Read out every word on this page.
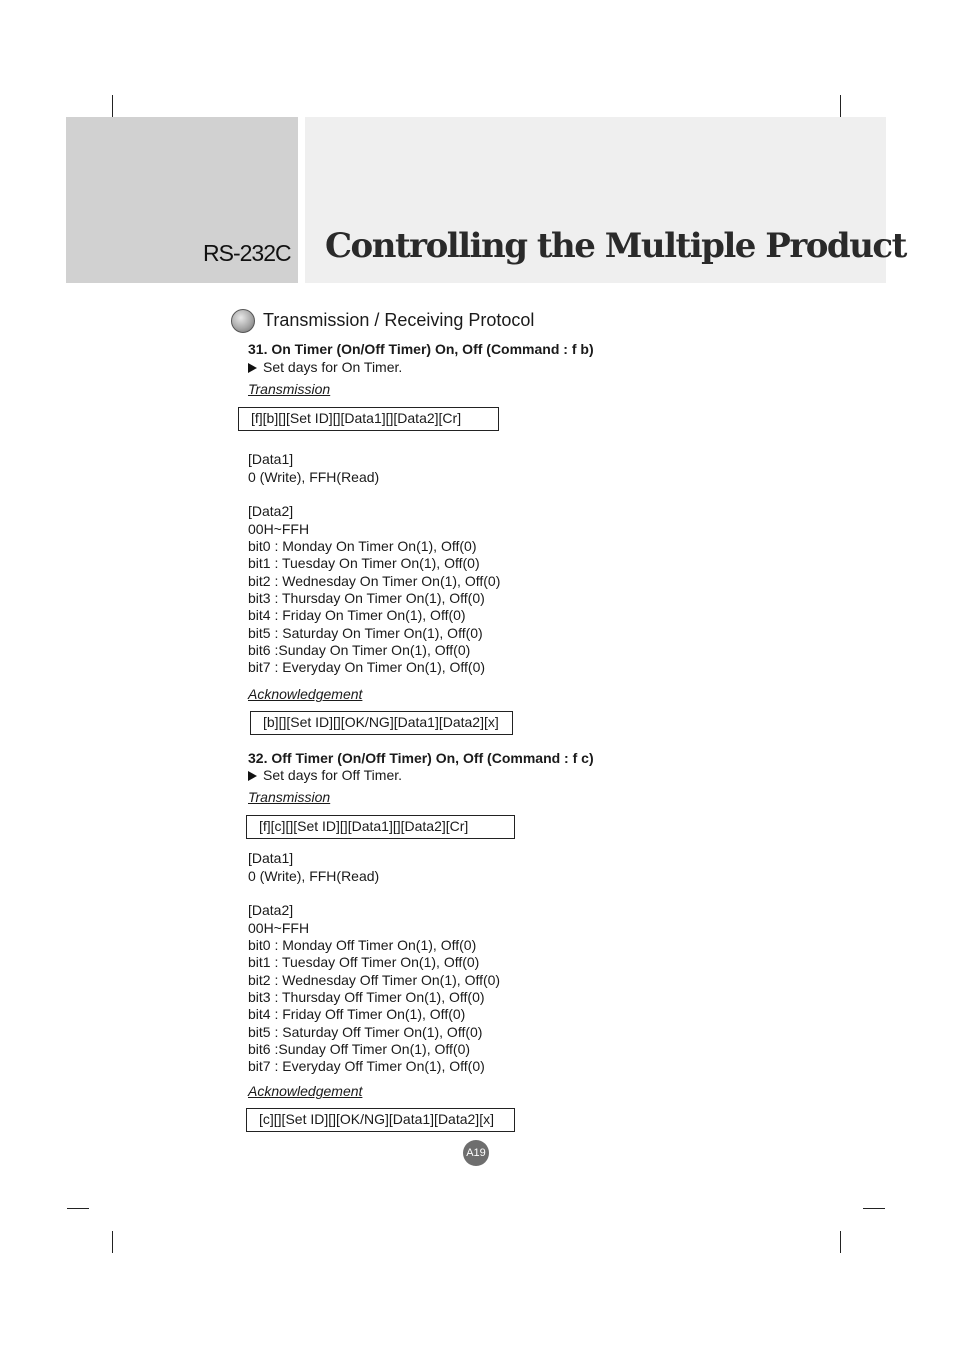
RS-232C Controlling the Multiple Product
Transmission / Receiving Protocol
31. On Timer (On/Off Timer) On, Off (Command : f b)
Set days for On Timer.
Transmission
[f][b][][Set ID][][Data1][][Data2][Cr]
[Data1]
0 (Write), FFH(Read)
[Data2]
00H~FFH
bit0 : Monday On Timer On(1), Off(0)
bit1 : Tuesday On Timer On(1), Off(0)
bit2 : Wednesday On Timer On(1), Off(0)
bit3 : Thursday On Timer On(1), Off(0)
bit4 : Friday On Timer On(1), Off(0)
bit5 : Saturday On Timer On(1), Off(0)
bit6 :Sunday On Timer On(1), Off(0)
bit7 : Everyday On Timer On(1), Off(0)
Acknowledgement
[b][][Set ID][][OK/NG][Data1][Data2][x]
32. Off Timer (On/Off Timer) On, Off (Command : f c)
Set days for Off Timer.
Transmission
[f][c][][Set ID][][Data1][][Data2][Cr]
[Data1]
0 (Write), FFH(Read)
[Data2]
00H~FFH
bit0 : Monday Off Timer On(1), Off(0)
bit1 : Tuesday Off Timer On(1), Off(0)
bit2 : Wednesday Off Timer On(1), Off(0)
bit3 : Thursday Off Timer On(1), Off(0)
bit4 : Friday Off Timer On(1), Off(0)
bit5 : Saturday Off Timer On(1), Off(0)
bit6 :Sunday Off Timer On(1), Off(0)
bit7 : Everyday Off Timer On(1), Off(0)
Acknowledgement
[c][][Set ID][][OK/NG][Data1][Data2][x]
A19
